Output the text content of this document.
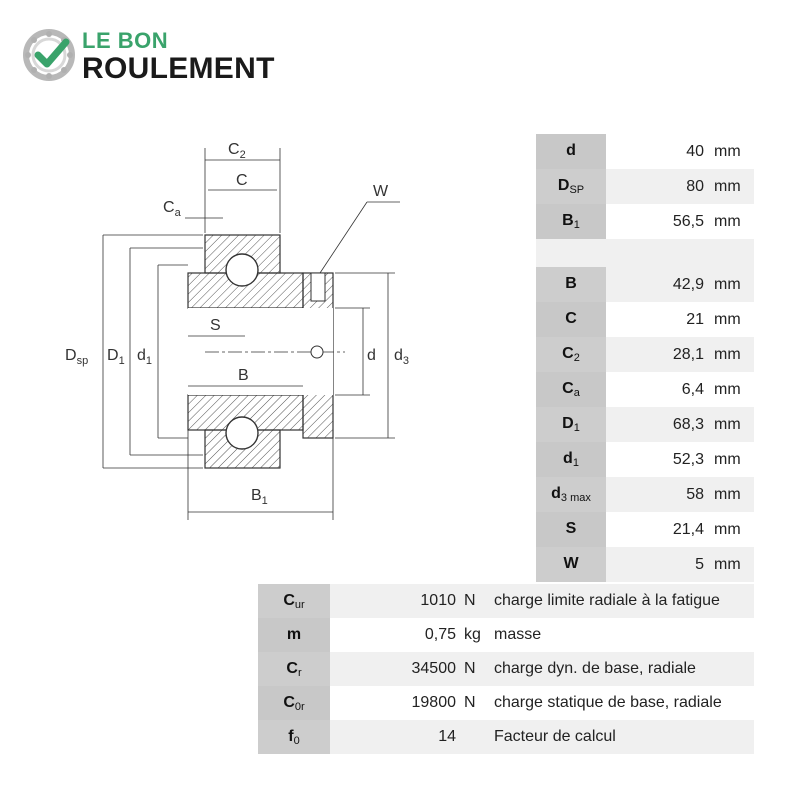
LE BON
ROULEMENT
$C_2$
C
$C_a$
W
$D_{sp}$ $D_1$ $d_1$
S
B
d $d_3$
$B_1$
d	40	mm
$D_{SP}$	80	mm
$B_1$	56,5	mm

B	42,9	mm
C	21	mm
$C_2$	28,1	mm
$C_a$	6,4	mm
$D_1$	68,3	mm
$d_1$	52,3	mm
$d_{3 max}$	58	mm
S	21,4	mm
W	5	mm
$C_{ur}$	1010	N	charge limite radiale à la fatigue
m	0,75	kg	masse
$C_r$	34500	N	charge dyn. de base, radiale
$C_{0r}$	19800	N	charge statique de base, radiale
$f_0$	14		Facteur de calcul
